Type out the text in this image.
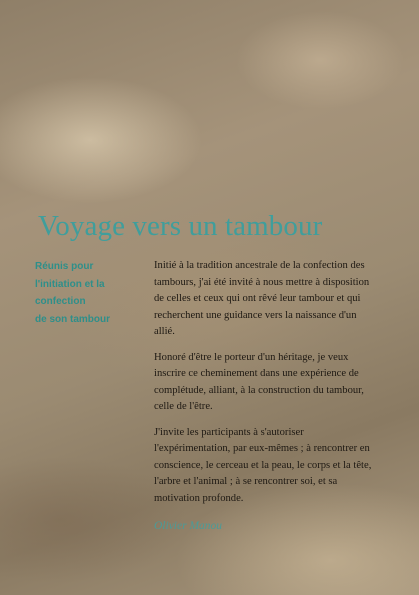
Voyage vers un tambour
Réunis pour
l'initiation et la
confection
de son tambour

Initié à la tradition ancestrale de la confection des tambours, j'ai été invité à nous mettre à disposition de celles et ceux qui ont rêvé leur tambour et qui recherchent une guidance vers la naissance d'un allié.

Honoré d'être le porteur d'un héritage, je veux inscrire ce cheminement dans une expérience de complétude, alliant, à la construction du tambour, celle de l'être.

J'invite les participants à s'autoriser l'expérimentation, par eux-mêmes ; à rencontrer en conscience, le cerceau et la peau, le corps et la tête, l'arbre et l'animal ; à se rencontrer soi, et sa motivation profonde.

Olivier Manou
